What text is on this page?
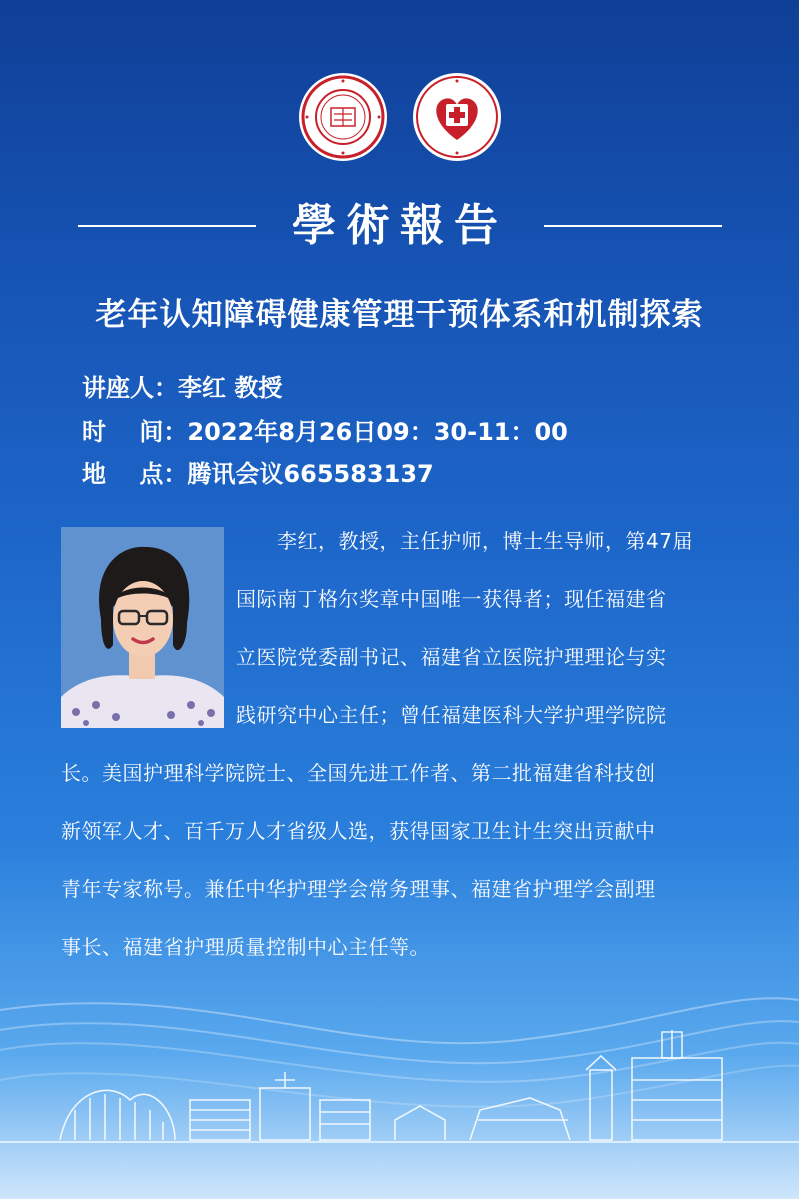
學術報告
老年认知障碍健康管理干预体系和机制探索
讲座人：李红 教授
时    间：2022年8月26日09：30-11：00
地    点：腾讯会议665583137
　　李红，教授，主任护师，博士生导师，第47届
国际南丁格尔奖章中国唯一获得者；现任福建省
立医院党委副书记、福建省立医院护理理论与实
践研究中心主任；曾任福建医科大学护理学院院
长。美国护理科学院院士、全国先进工作者、第二批福建省科技创
新领军人才、百千万人才省级人选，获得国家卫生计生突出贡献中
青年专家称号。兼任中华护理学会常务理事、福建省护理学会副理
事长、福建省护理质量控制中心主任等。
